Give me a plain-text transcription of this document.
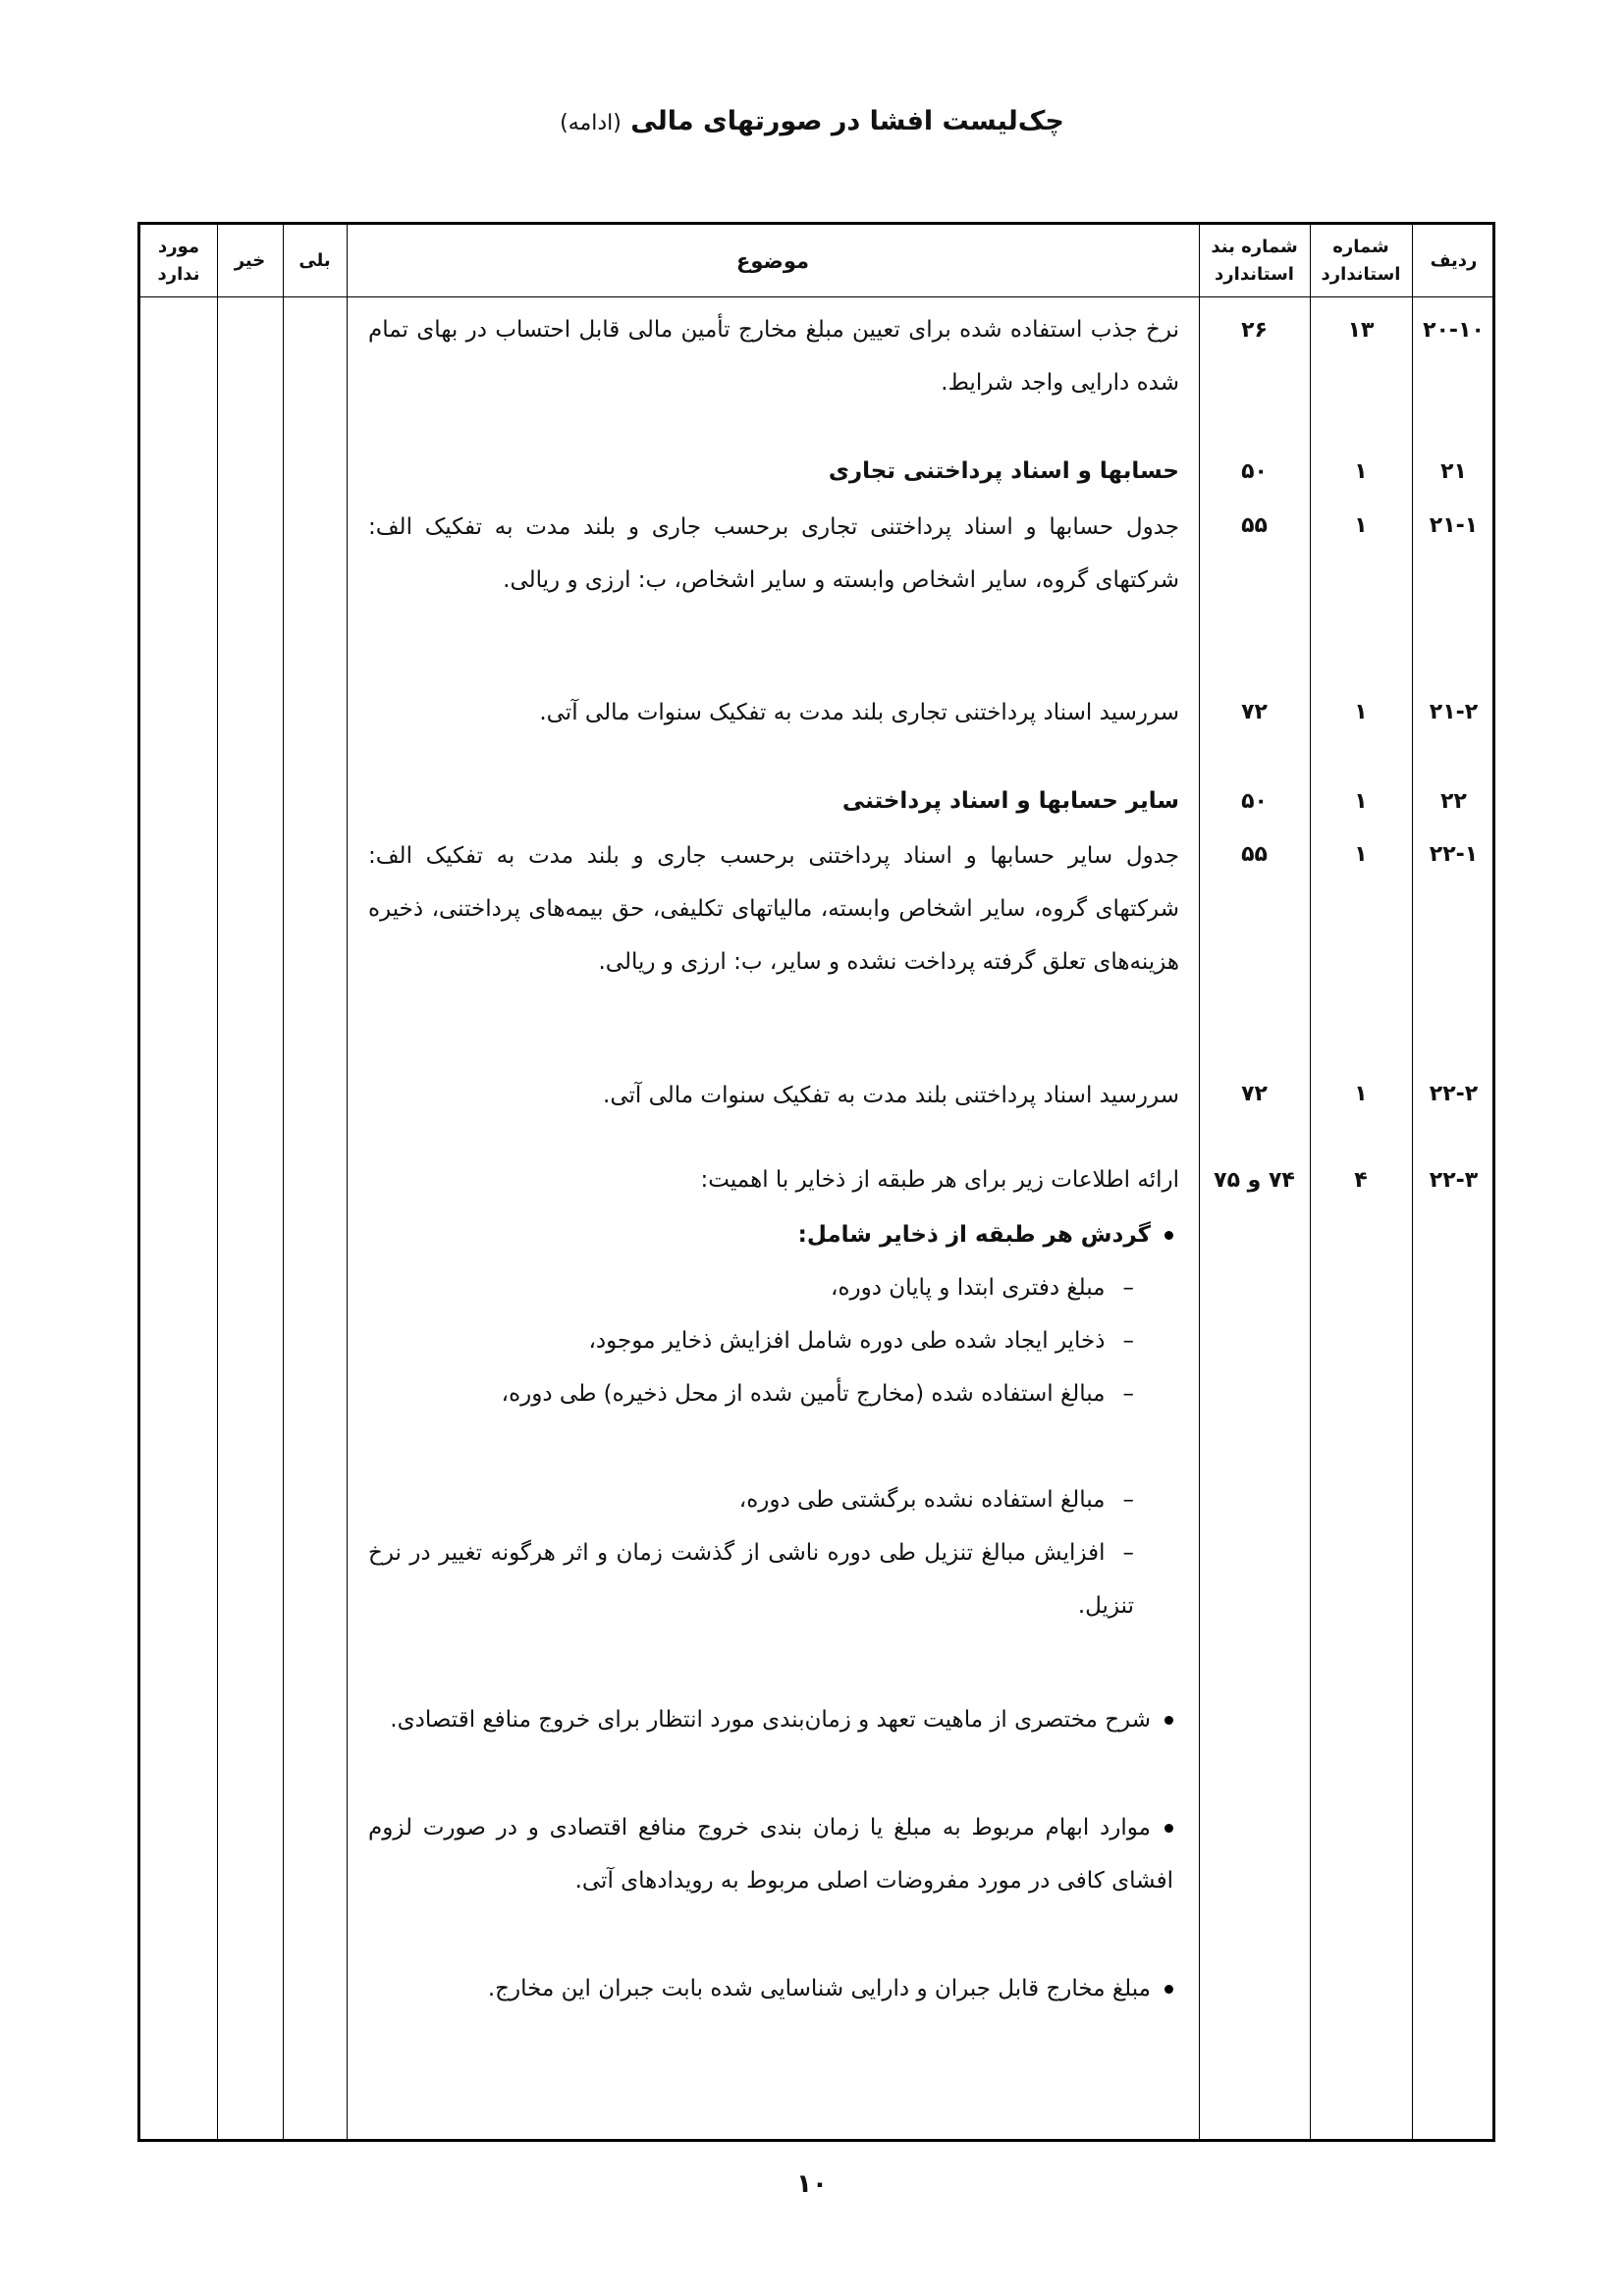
چک‌لیست افشا در صورتهای مالی (ادامه)
ردیف
شماره
استاندارد
شماره بند
استاندارد
موضوع
بلی
خیر
مورد
ندارد
۲۰-۱۰
۱۳
۲۶
نرخ جذب استفاده شده برای تعیین مبلغ مخارج تأمین مالی قابل احتساب در بهای تمام شده دارایی واجد شرایط.
۲۱
۱
۵۰
حسابها و اسناد پرداختنی تجاری
۲۱-۱
۱
۵۵
جدول حسابها و اسناد پرداختنی تجاری برحسب جاری و بلند مدت به تفکیک الف: شرکتهای گروه، سایر اشخاص وابسته و سایر اشخاص، ب: ارزی و ریالی.
۲۱-۲
۱
۷۲
سررسید اسناد پرداختنی تجاری بلند مدت به تفکیک سنوات مالی آتی.
۲۲
۱
۵۰
سایر حسابها و اسناد پرداختنی
۲۲-۱
۱
۵۵
جدول سایر حسابها و اسناد پرداختنی برحسب جاری و بلند مدت به تفکیک الف: شرکتهای گروه، سایر اشخاص وابسته، مالیاتهای تکلیفی، حق بیمه‌های پرداختنی، ذخیره هزینه‌های تعلق گرفته پرداخت نشده و سایر، ب: ارزی و ریالی.
۲۲-۲
۱
۷۲
سررسید اسناد پرداختنی بلند مدت به تفکیک سنوات مالی آتی.
۲۲-۳
۴
۷۴ و ۷۵
ارائه اطلاعات زیر برای هر طبقه از ذخایر با اهمیت:
گردش هر طبقه از ذخایر شامل:
–مبلغ دفتری ابتدا و پایان دوره،
–ذخایر ایجاد شده طی دوره شامل افزایش ذخایر موجود،
–مبالغ استفاده شده (مخارج تأمین شده از محل ذخیره) طی دوره،
–مبالغ استفاده نشده برگشتی طی دوره،
–افزایش مبالغ تنزیل طی دوره ناشی از گذشت زمان و اثر هرگونه تغییر در نرخ تنزیل.
شرح مختصری از ماهیت تعهد و زمان‌بندی مورد انتظار برای خروج منافع اقتصادی.
موارد ابهام مربوط به مبلغ یا زمان بندی خروج منافع اقتصادی و در صورت لزوم افشای کافی در مورد مفروضات اصلی مربوط به رویدادهای آتی.
مبلغ مخارج قابل جبران و دارایی شناسایی شده بابت جبران این مخارج.
۱۰
